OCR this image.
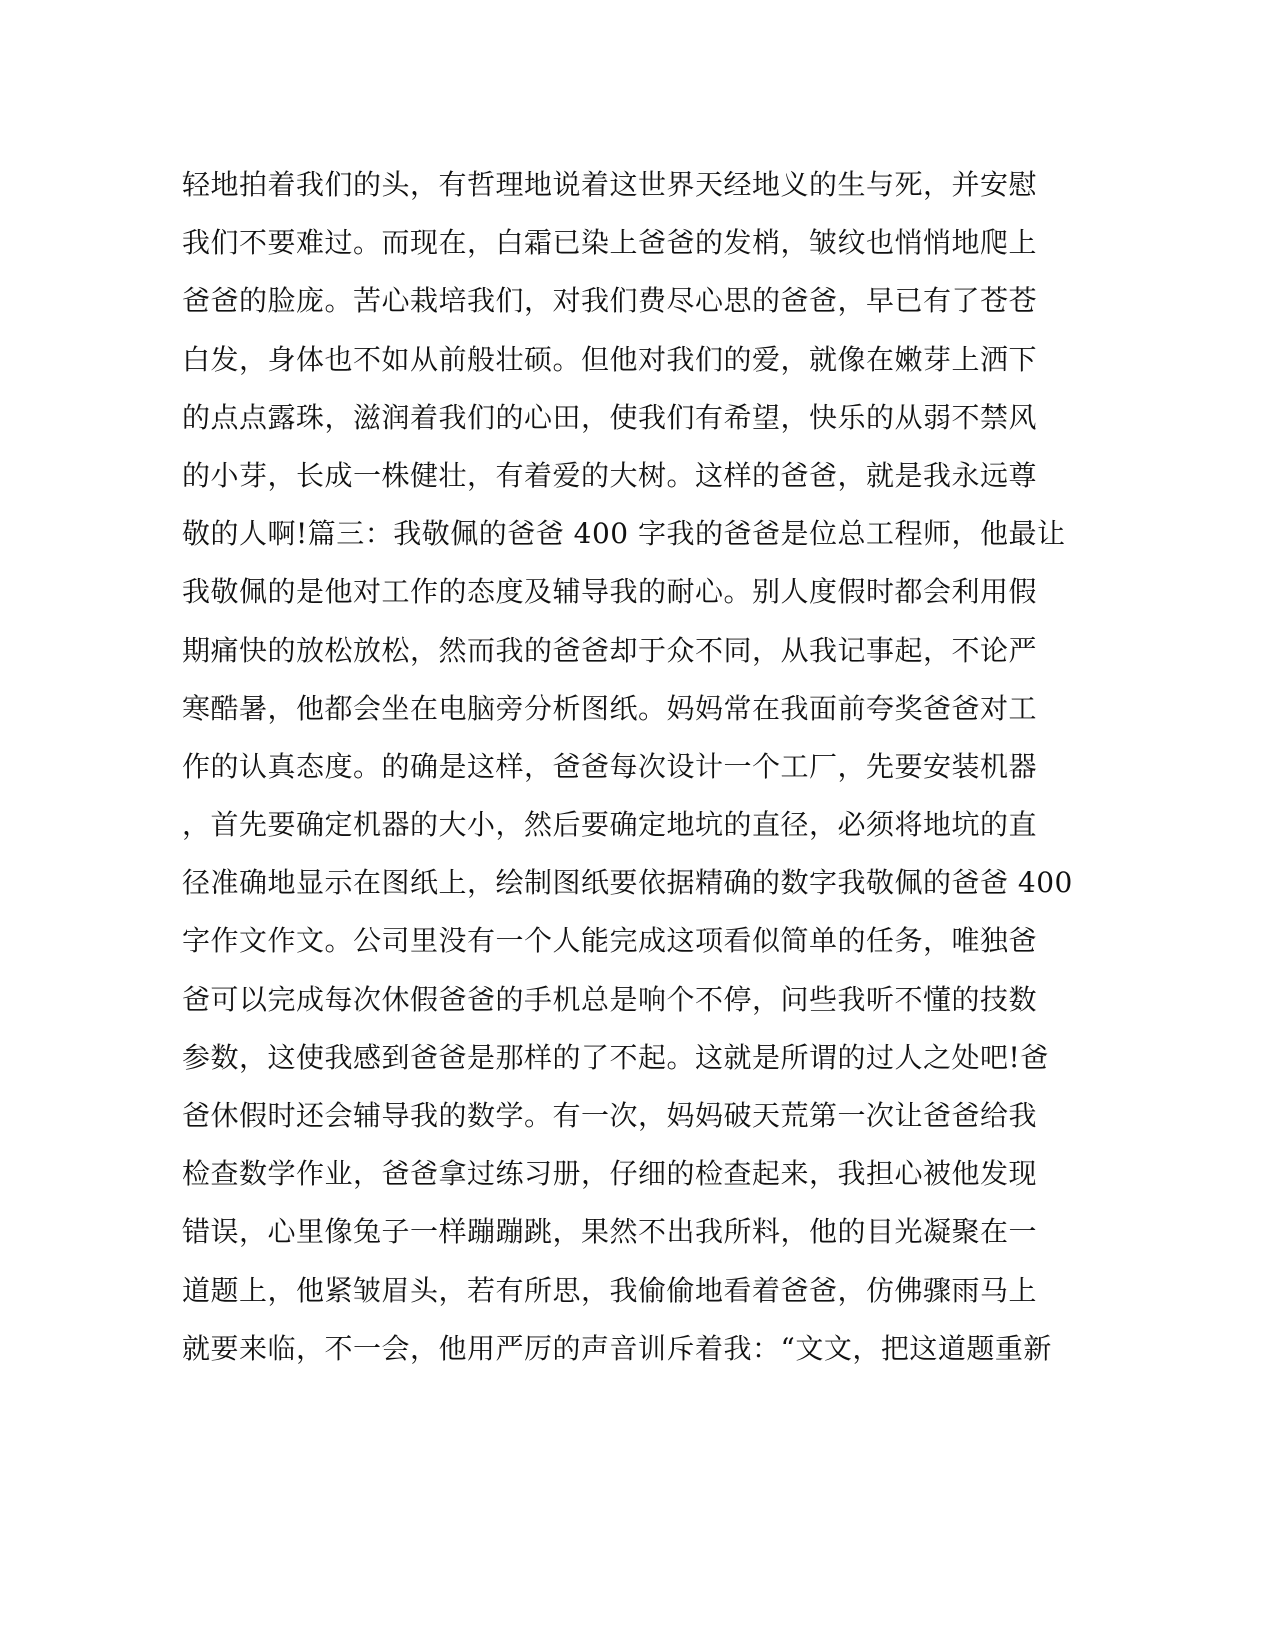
轻地拍着我们的头，有哲理地说着这世界天经地义的生与死，并安慰
我们不要难过。而现在，白霜已染上爸爸的发梢，皱纹也悄悄地爬上
爸爸的脸庞。苦心栽培我们，对我们费尽心思的爸爸，早已有了苍苍
白发，身体也不如从前般壮硕。但他对我们的爱，就像在嫩芽上洒下
的点点露珠，滋润着我们的心田，使我们有希望，快乐的从弱不禁风
的小芽，长成一株健壮，有着爱的大树。这样的爸爸，就是我永远尊
敬的人啊!篇三：我敬佩的爸爸 400 字我的爸爸是位总工程师，他最让
我敬佩的是他对工作的态度及辅导我的耐心。别人度假时都会利用假
期痛快的放松放松，然而我的爸爸却于众不同，从我记事起，不论严
寒酷暑，他都会坐在电脑旁分析图纸。妈妈常在我面前夸奖爸爸对工
作的认真态度。的确是这样，爸爸每次设计一个工厂，先要安装机器
，首先要确定机器的大小，然后要确定地坑的直径，必须将地坑的直
径准确地显示在图纸上，绘制图纸要依据精确的数字我敬佩的爸爸 400
字作文作文。公司里没有一个人能完成这项看似简单的任务，唯独爸
爸可以完成每次休假爸爸的手机总是响个不停，问些我听不懂的技数
参数，这使我感到爸爸是那样的了不起。这就是所谓的过人之处吧!爸
爸休假时还会辅导我的数学。有一次，妈妈破天荒第一次让爸爸给我
检查数学作业，爸爸拿过练习册，仔细的检查起来，我担心被他发现
错误，心里像兔子一样蹦蹦跳，果然不出我所料，他的目光凝聚在一
道题上，他紧皱眉头，若有所思，我偷偷地看着爸爸，仿佛骤雨马上
就要来临，不一会，他用严厉的声音训斥着我：“文文，把这道题重新
